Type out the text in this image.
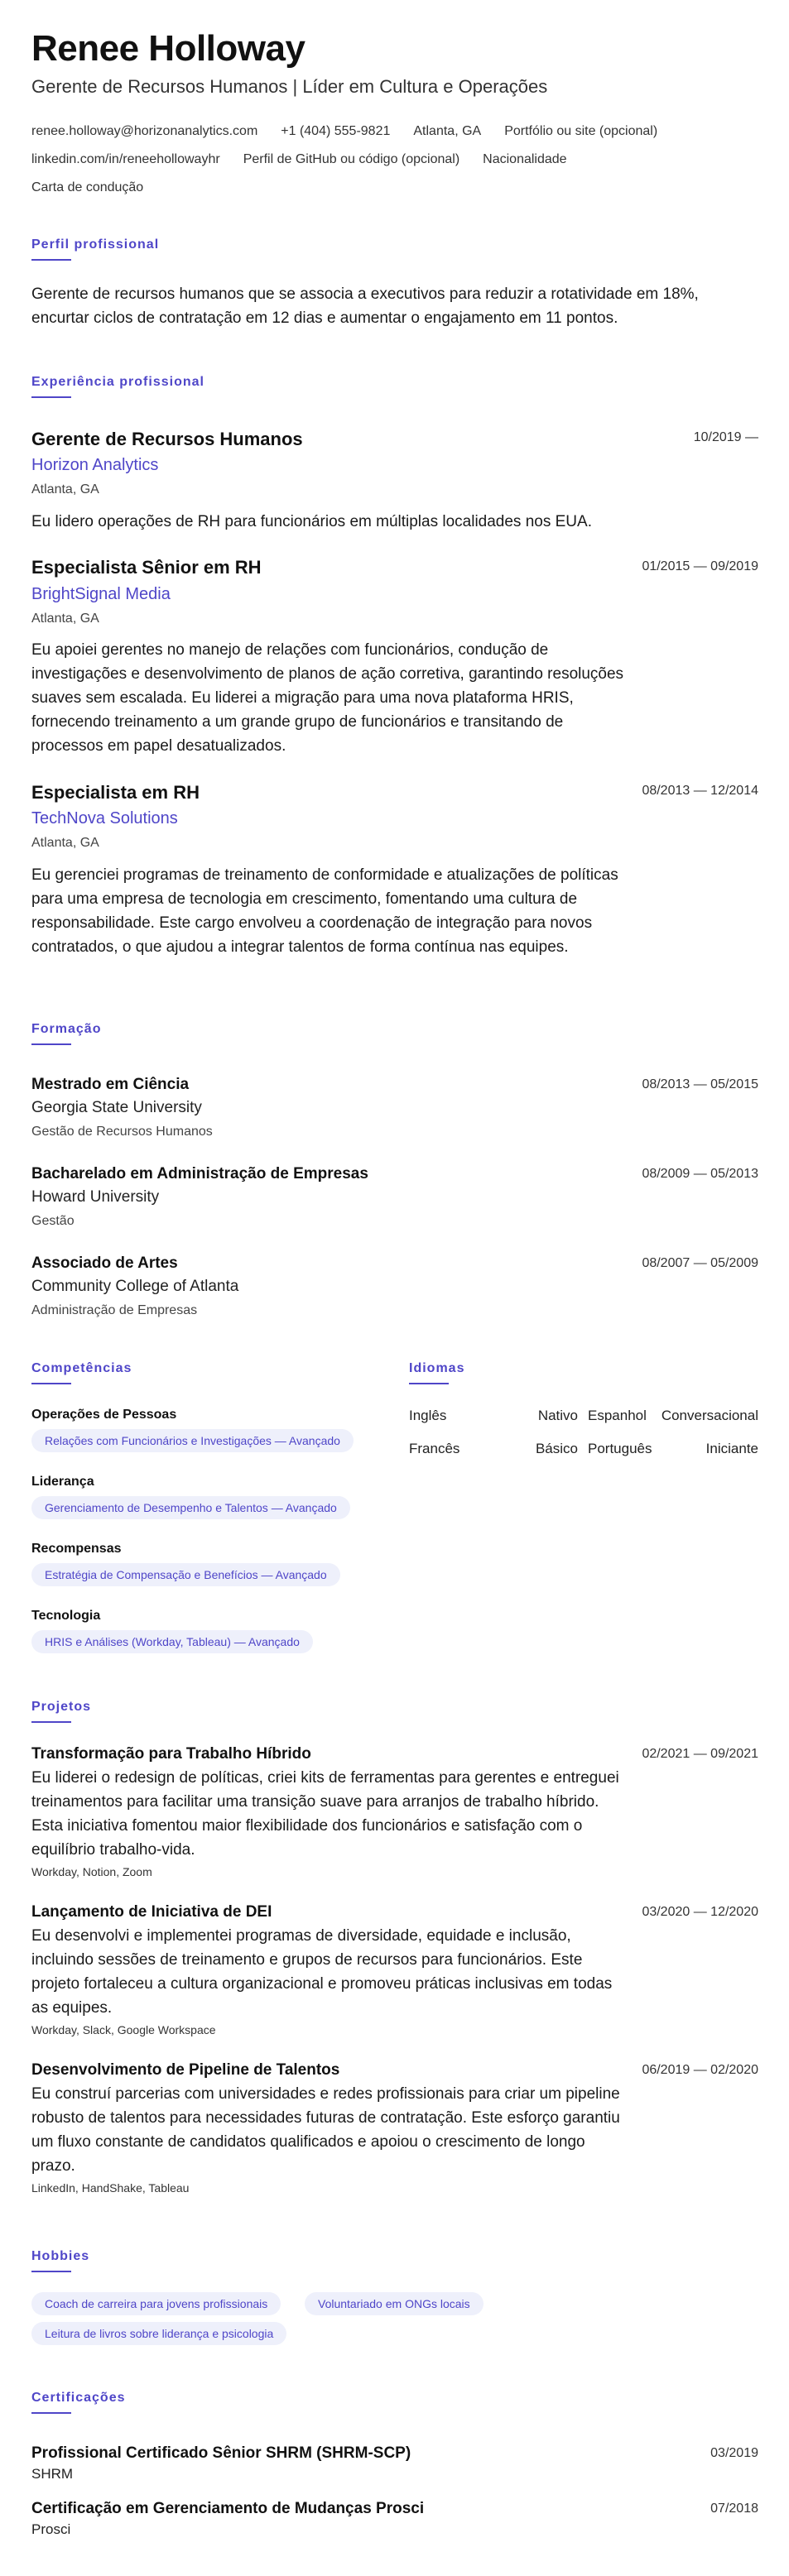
Renee Holloway
Gerente de Recursos Humanos | Líder em Cultura e Operações
renee.holloway@horizonanalytics.com +1 (404) 555-9821 Atlanta, GA Portfólio ou site (opcional)
linkedin.com/in/reneehollowayhr Perfil de GitHub ou código (opcional) Nacionalidade
Carta de condução
Perfil profissional
Gerente de recursos humanos que se associa a executivos para reduzir a rotatividade em 18%, encurtar ciclos de contratação em 12 dias e aumentar o engajamento em 11 pontos.
Experiência profissional
Gerente de Recursos Humanos	10/2019 —
Horizon Analytics
Atlanta, GA
Eu lidero operações de RH para funcionários em múltiplas localidades nos EUA.
Especialista Sênior em RH	01/2015 — 09/2019
BrightSignal Media
Atlanta, GA
Eu apoiei gerentes no manejo de relações com funcionários, condução de investigações e desenvolvimento de planos de ação corretiva, garantindo resoluções suaves sem escalada. Eu liderei a migração para uma nova plataforma HRIS, fornecendo treinamento a um grande grupo de funcionários e transitando de processos em papel desatualizados.
Especialista em RH	08/2013 — 12/2014
TechNova Solutions
Atlanta, GA
Eu gerenciei programas de treinamento de conformidade e atualizações de políticas para uma empresa de tecnologia em crescimento, fomentando uma cultura de responsabilidade. Este cargo envolveu a coordenação de integração para novos contratados, o que ajudou a integrar talentos de forma contínua nas equipes.
Formação
Mestrado em Ciência	08/2013 — 05/2015
Georgia State University
Gestão de Recursos Humanos
Bacharelado em Administração de Empresas	08/2009 — 05/2013
Howard University
Gestão
Associado de Artes	08/2007 — 05/2009
Community College of Atlanta
Administração de Empresas
Competências
Operações de Pessoas
Relações com Funcionários e Investigações — Avançado
Liderança
Gerenciamento de Desempenho e Talentos — Avançado
Recompensas
Estratégia de Compensação e Benefícios — Avançado
Tecnologia
HRIS e Análises (Workday, Tableau) — Avançado
Idiomas
Inglês	Nativo Espanhol	Conversacional
Francês	Básico Português	Iniciante
Projetos
Transformação para Trabalho Híbrido	02/2021 — 09/2021
Eu liderei o redesign de políticas, criei kits de ferramentas para gerentes e entreguei treinamentos para facilitar uma transição suave para arranjos de trabalho híbrido. Esta iniciativa fomentou maior flexibilidade dos funcionários e satisfação com o equilíbrio trabalho-vida.
Workday, Notion, Zoom
Lançamento de Iniciativa de DEI	03/2020 — 12/2020
Eu desenvolvi e implementei programas de diversidade, equidade e inclusão, incluindo sessões de treinamento e grupos de recursos para funcionários. Este projeto fortaleceu a cultura organizacional e promoveu práticas inclusivas em todas as equipes.
Workday, Slack, Google Workspace
Desenvolvimento de Pipeline de Talentos	06/2019 — 02/2020
Eu construí parcerias com universidades e redes profissionais para criar um pipeline robusto de talentos para necessidades futuras de contratação. Este esforço garantiu um fluxo constante de candidatos qualificados e apoiou o crescimento de longo prazo.
LinkedIn, HandShake, Tableau
Hobbies
Coach de carreira para jovens profissionais	Voluntariado em ONGs locais
Leitura de livros sobre liderança e psicologia
Certificações
Profissional Certificado Sênior SHRM (SHRM-SCP)	03/2019
SHRM
Certificação em Gerenciamento de Mudanças Prosci	07/2018
Prosci
